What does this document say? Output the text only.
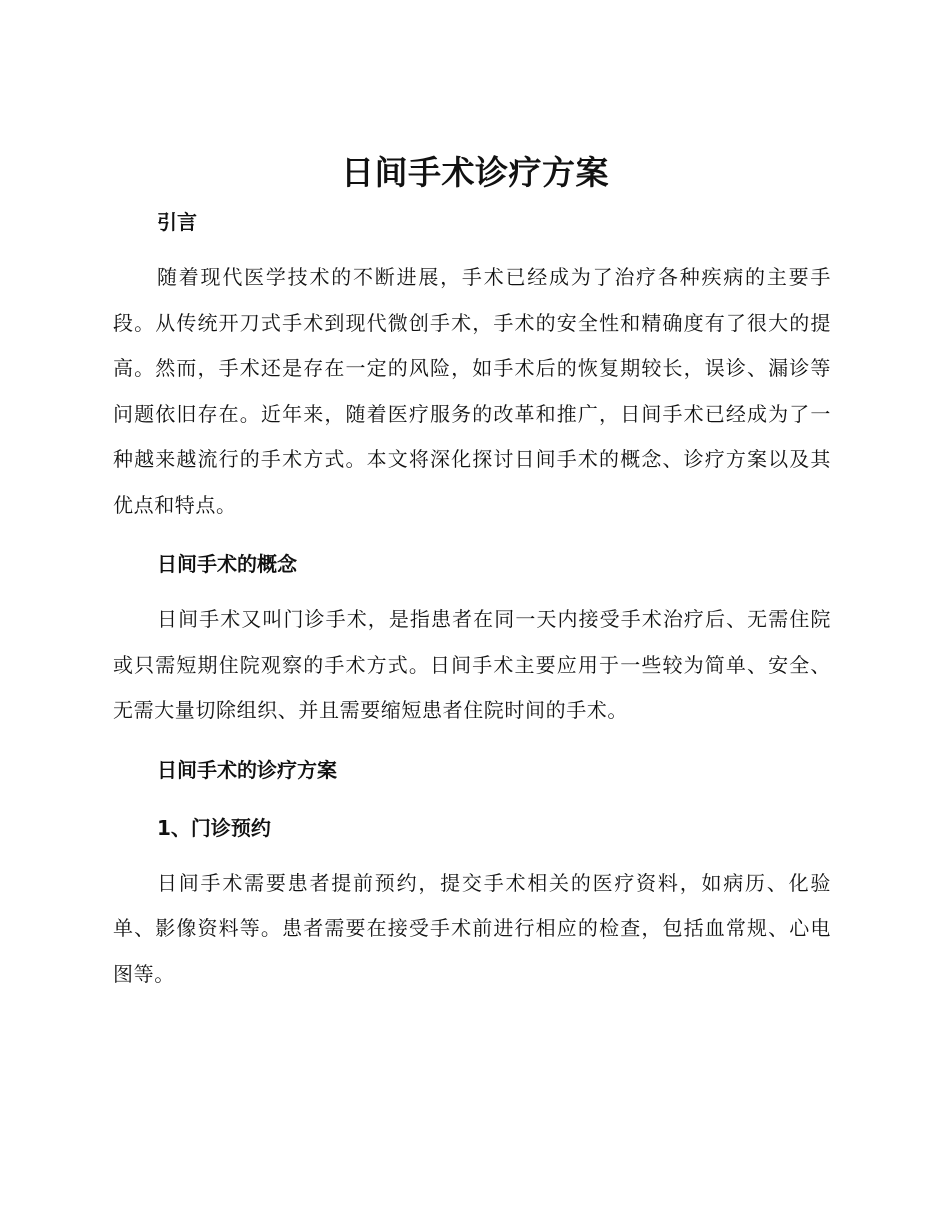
日间手术诊疗方案

引言

随着现代医学技术的不断进展，手术已经成为了治疗各种疾病的主要手段。从传统开刀式手术到现代微创手术，手术的安全性和精确度有了很大的提高。然而，手术还是存在一定的风险，如手术后的恢复期较长，误诊、漏诊等问题依旧存在。近年来，随着医疗服务的改革和推广，日间手术已经成为了一种越来越流行的手术方式。本文将深化探讨日间手术的概念、诊疗方案以及其优点和特点。

日间手术的概念

日间手术又叫门诊手术，是指患者在同一天内接受手术治疗后、无需住院或只需短期住院观察的手术方式。日间手术主要应用于一些较为简单、安全、无需大量切除组织、并且需要缩短患者住院时间的手术。

日间手术的诊疗方案

1、门诊预约

日间手术需要患者提前预约，提交手术相关的医疗资料，如病历、化验单、影像资料等。患者需要在接受手术前进行相应的检查，包括血常规、心电图等。
